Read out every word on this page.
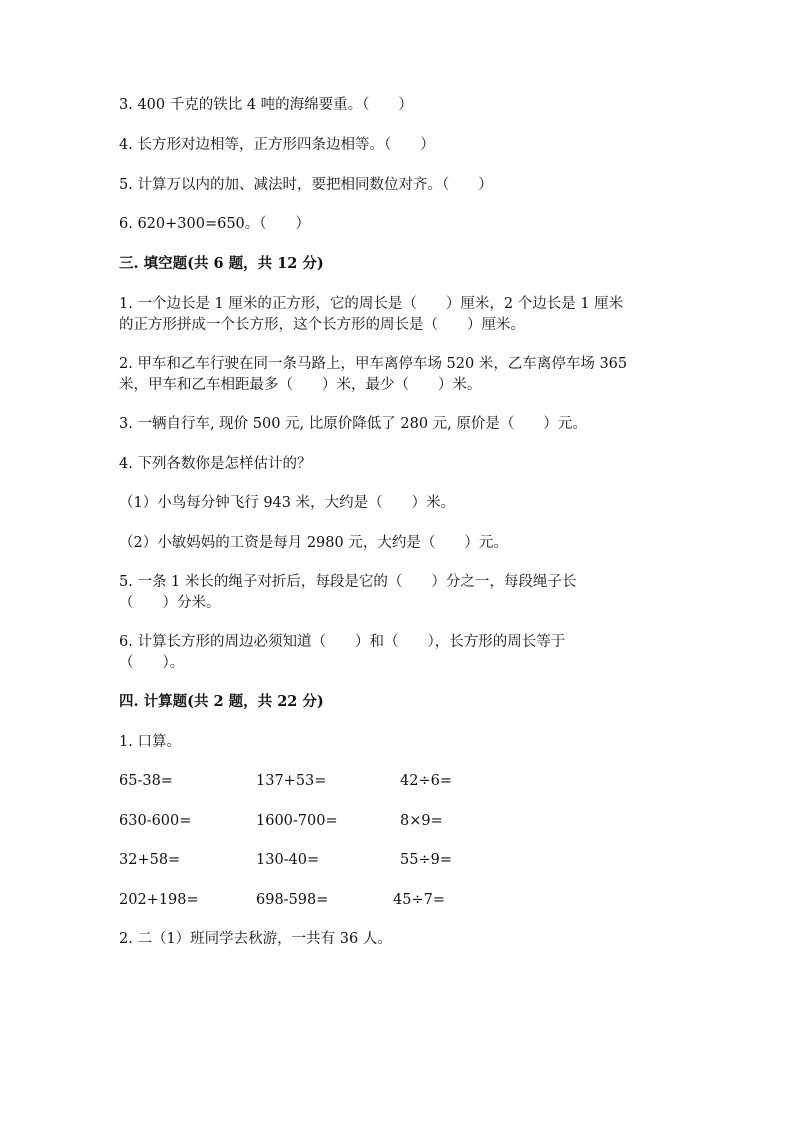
3. 400 千克的铁比 4 吨的海绵要重。（　　）

4. 长方形对边相等，正方形四条边相等。（　　）

5. 计算万以内的加、减法时，要把相同数位对齐。（　　）

6. 620+300=650。（　　）

三. 填空题(共 6 题，共 12 分)

1. 一个边长是 1 厘米的正方形，它的周长是（　　）厘米，2 个边长是 1 厘米

的正方形拼成一个长方形，这个长方形的周长是（　　）厘米。

2. 甲车和乙车行驶在同一条马路上，甲车离停车场 520 米，乙车离停车场 365

米，甲车和乙车相距最多（　　）米，最少（　　）米。

3. 一辆自行车, 现价 500 元, 比原价降低了 280 元, 原价是（　　）元。

4. 下列各数你是怎样估计的？

（1）小鸟每分钟飞行 943 米，大约是（　　）米。

（2）小敏妈妈的工资是每月 2980 元，大约是（　　）元。

5. 一条 1 米长的绳子对折后，每段是它的（　　）分之一，每段绳子长

（　　）分米。

6. 计算长方形的周边必须知道（　　）和（　　），长方形的周长等于

（　　）。

四. 计算题(共 2 题，共 22 分)

1. 口算。

65-38=	137+53=	42÷6=

630-600=	1600-700=	8×9=

32+58=	130-40=	55÷9=

202+198=	698-598=	45÷7=

2. 二（1）班同学去秋游，一共有 36 人。
